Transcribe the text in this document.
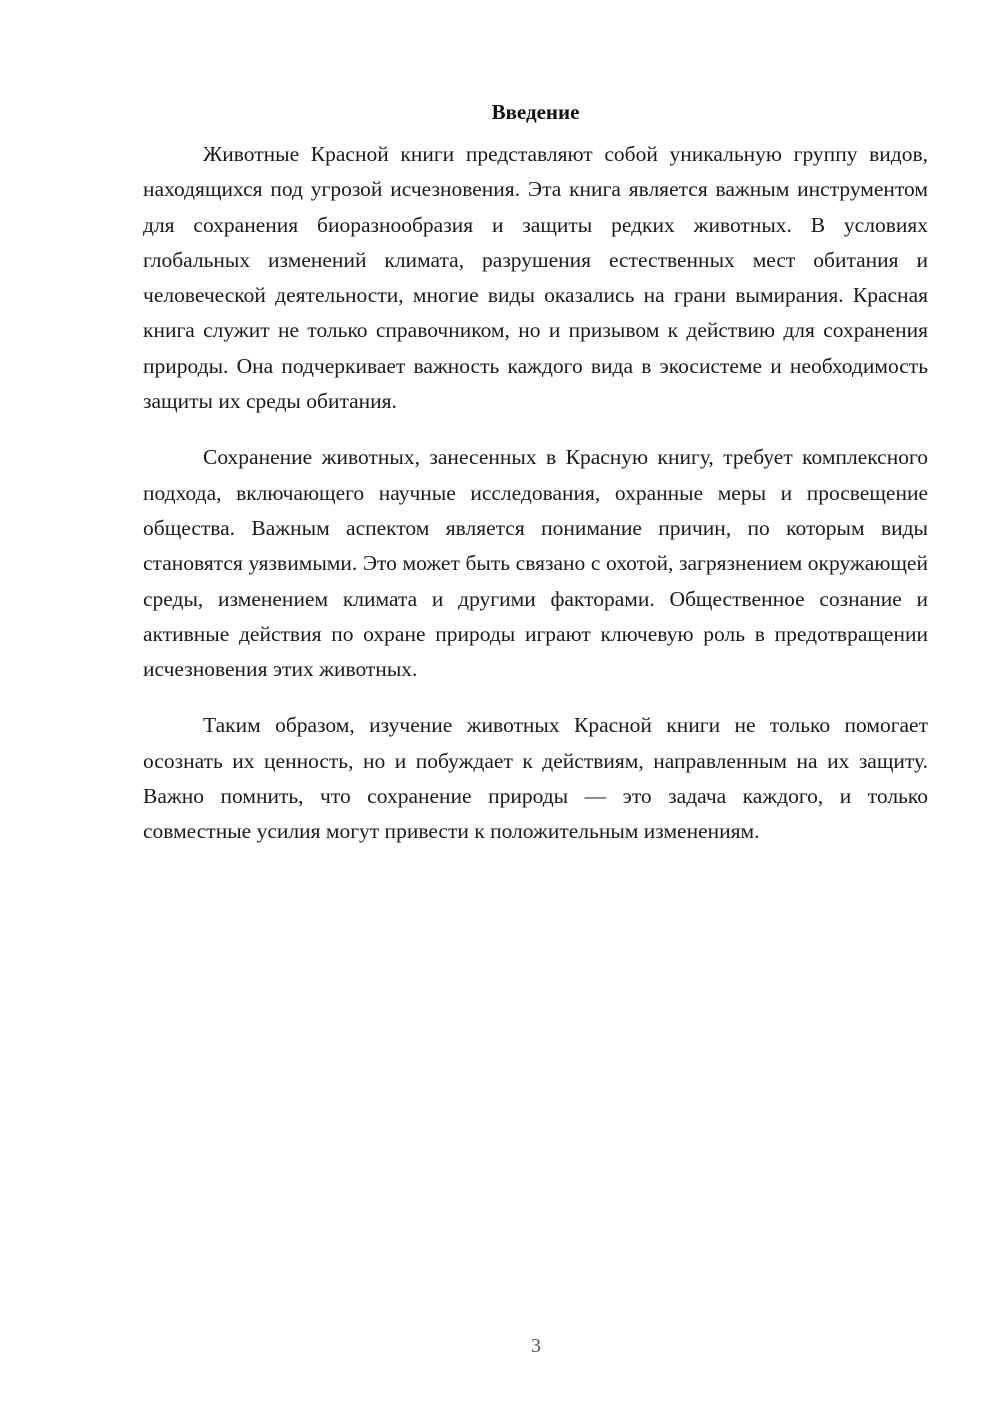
Введение

Животные Красной книги представляют собой уникальную группу видов, находящихся под угрозой исчезновения. Эта книга является важным инструментом для сохранения биоразнообразия и защиты редких животных. В условиях глобальных изменений климата, разрушения естественных мест обитания и человеческой деятельности, многие виды оказались на грани вымирания. Красная книга служит не только справочником, но и призывом к действию для сохранения природы. Она подчеркивает важность каждого вида в экосистеме и необходимость защиты их среды обитания.

Сохранение животных, занесенных в Красную книгу, требует комплексного подхода, включающего научные исследования, охранные меры и просвещение общества. Важным аспектом является понимание причин, по которым виды становятся уязвимыми. Это может быть связано с охотой, загрязнением окружающей среды, изменением климата и другими факторами. Общественное сознание и активные действия по охране природы играют ключевую роль в предотвращении исчезновения этих животных.

Таким образом, изучение животных Красной книги не только помогает осознать их ценность, но и побуждает к действиям, направленным на их защиту. Важно помнить, что сохранение природы — это задача каждого, и только совместные усилия могут привести к положительным изменениям.

3
